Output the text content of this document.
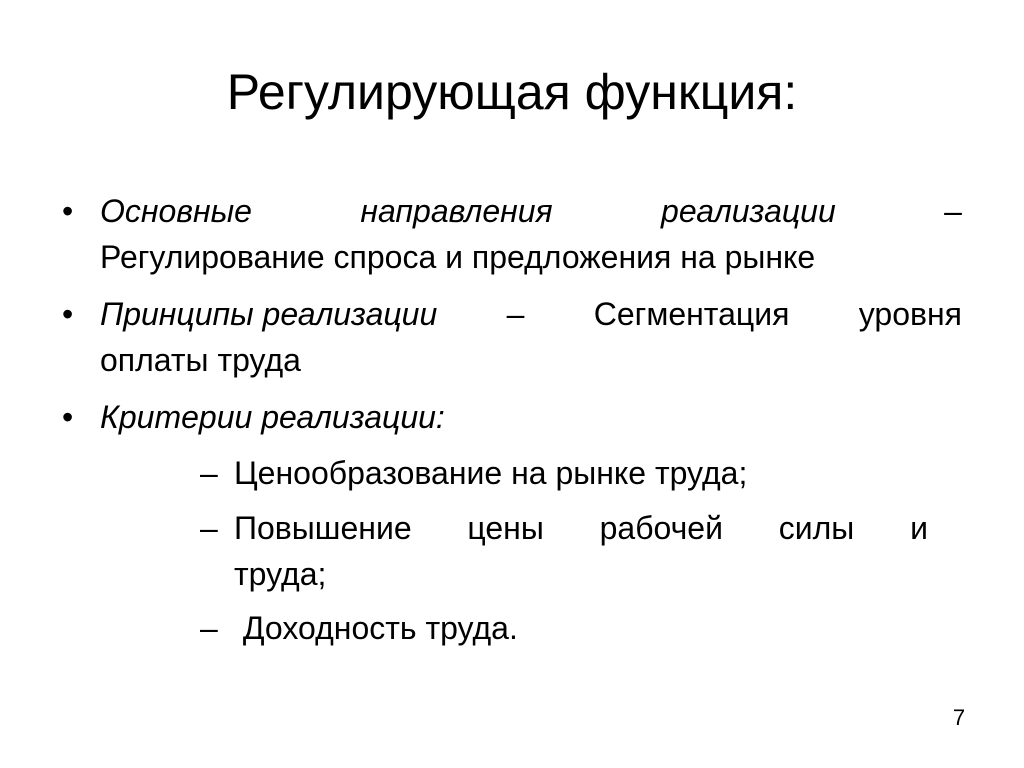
Регулирующая функция:
• Основные	направления	реализации	–
Регулирование спроса и предложения на рынке
• Принципы реализации – Сегментация уровня
оплаты труда
• Критерии реализации:
– Ценообразование на рынке труда;
– Повышение цены рабочей силы и
труда;
– Доходность труда.
7
